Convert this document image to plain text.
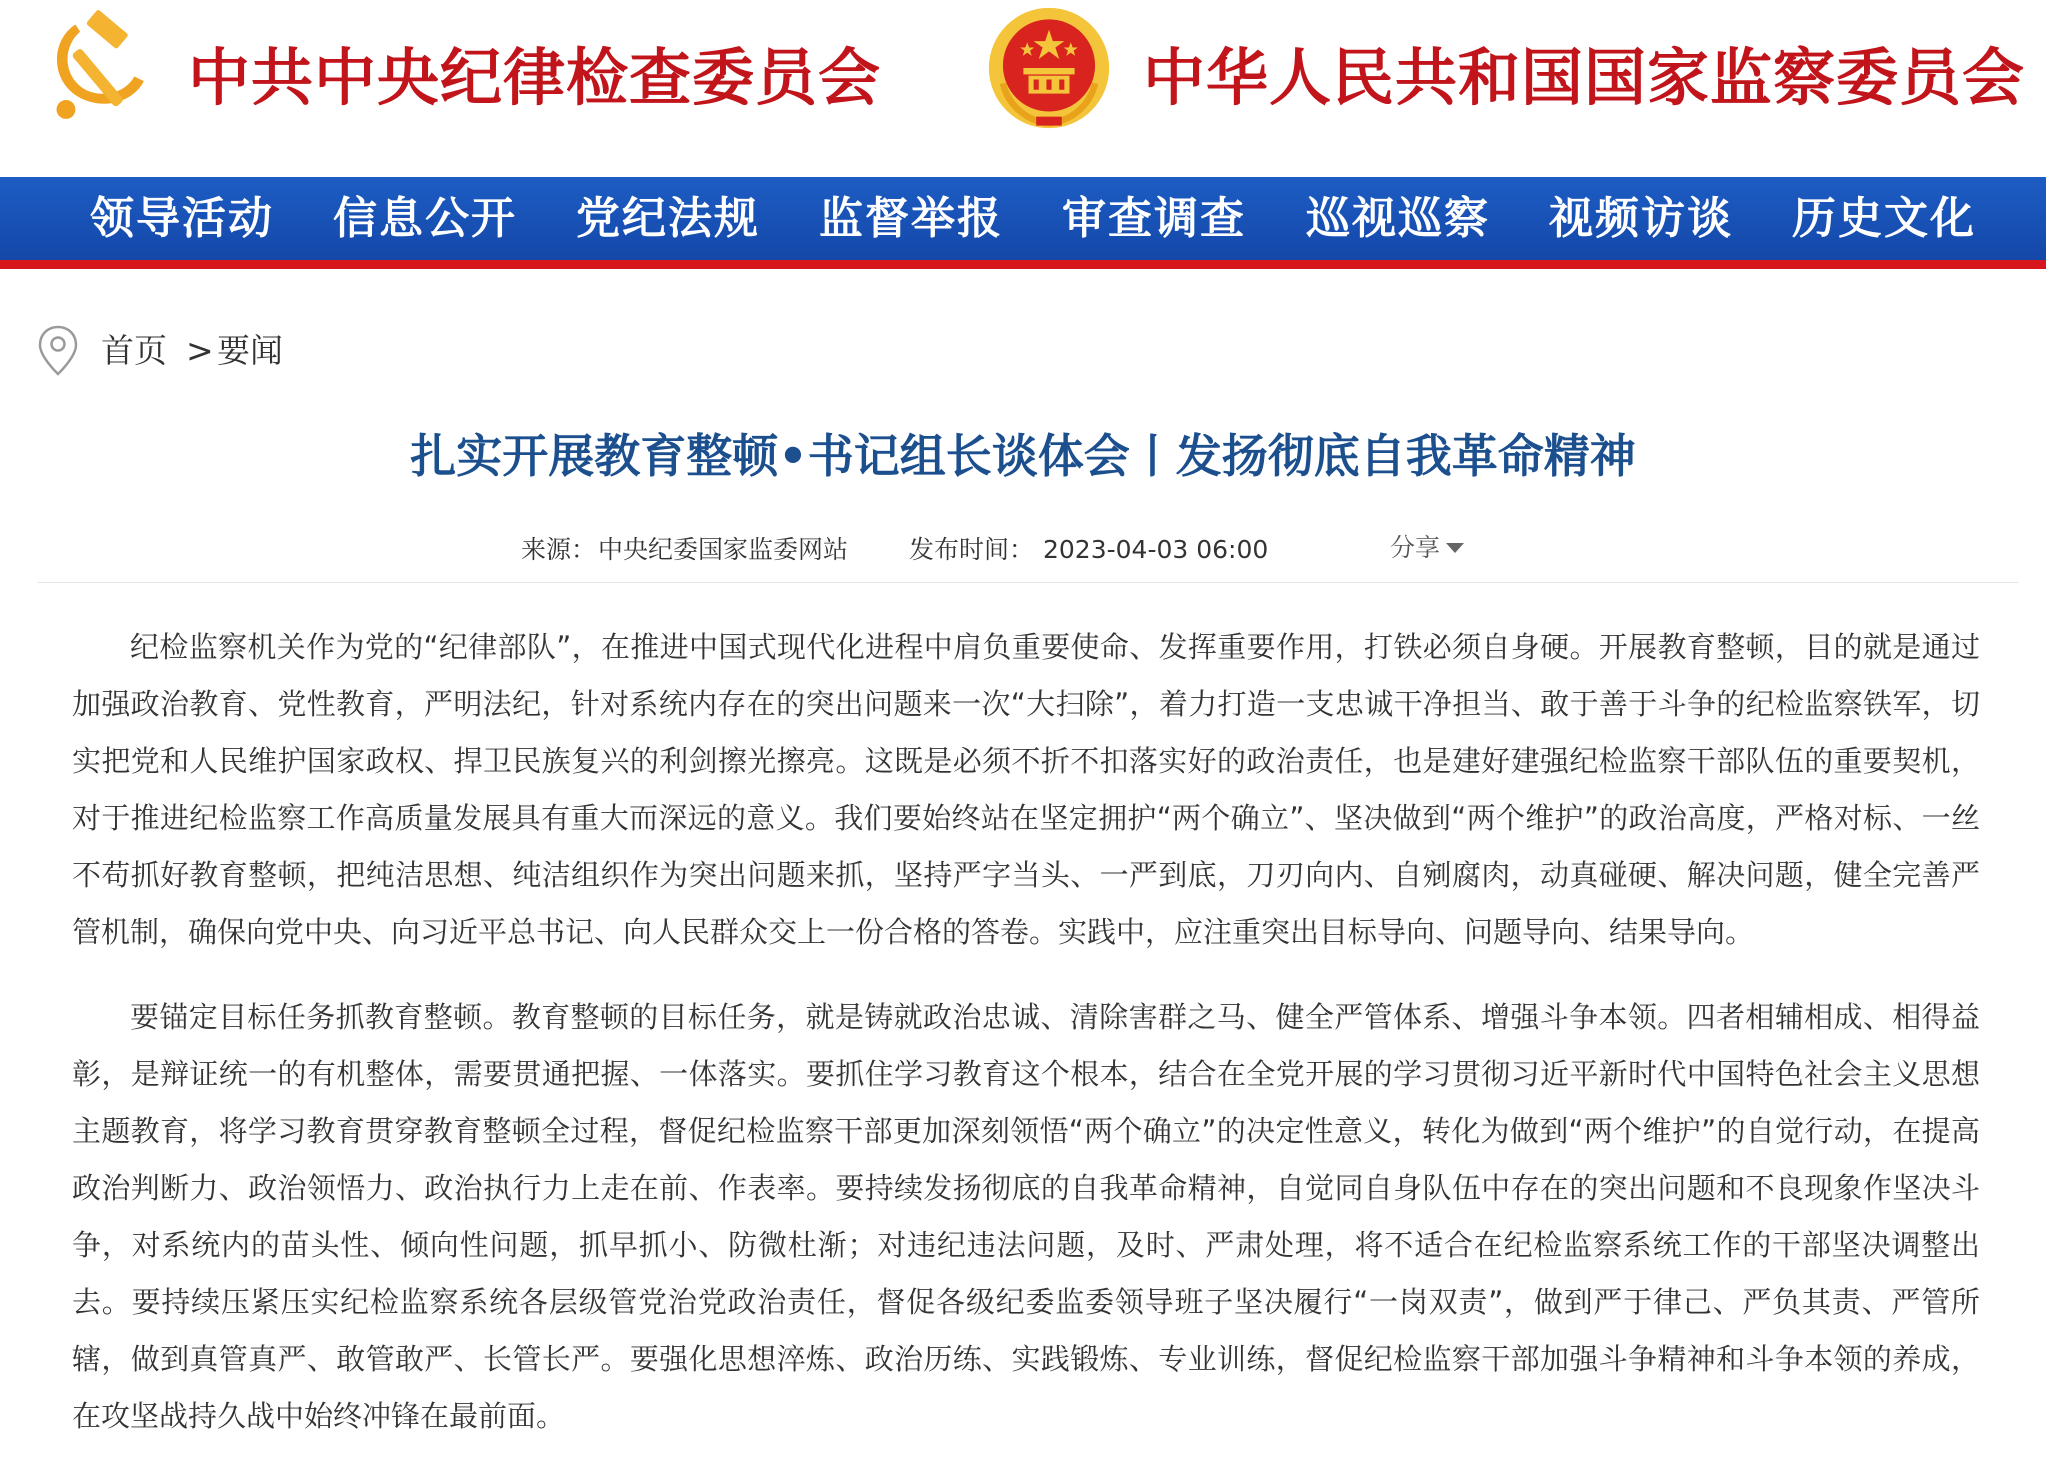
中共中央纪律检查委员会	中华人民共和国国家监察委员会
领导活动 信息公开 党纪法规 监督举报 审查调查 巡视巡察 视频访谈 历史文化
首页 > 要闻
扎实开展教育整顿•书记组长谈体会丨发扬彻底自我革命精神
来源： 中央纪委国家监委网站 发布时间： 2023-04-03 06:00	分享

纪检监察机关作为党的“纪律部队”，在推进中国式现代化进程中肩负重要使命、发挥重要作用，打铁必须自身硬。开展教育整顿，目的就是通过加强政治教育、党性教育，严明法纪，针对系统内存在的突出问题来一次“大扫除”，着力打造一支忠诚干净担当、敢于善于斗争的纪检监察铁军，切实把党和人民维护国家政权、捍卫民族复兴的利剑擦光擦亮。这既是必须不折不扣落实好的政治责任，也是建好建强纪检监察干部队伍的重要契机，对于推进纪检监察工作高质量发展具有重大而深远的意义。我们要始终站在坚定拥护“两个确立”、坚决做到“两个维护”的政治高度，严格对标、一丝不苟抓好教育整顿，把纯洁思想、纯洁组织作为突出问题来抓，坚持严字当头、一严到底，刀刃向内、自剜腐肉，动真碰硬、解决问题，健全完善严管机制，确保向党中央、向习近平总书记、向人民群众交上一份合格的答卷。实践中，应注重突出目标导向、问题导向、结果导向。

要锚定目标任务抓教育整顿。教育整顿的目标任务，就是铸就政治忠诚、清除害群之马、健全严管体系、增强斗争本领。四者相辅相成、相得益彰，是辩证统一的有机整体，需要贯通把握、一体落实。要抓住学习教育这个根本，结合在全党开展的学习贯彻习近平新时代中国特色社会主义思想主题教育，将学习教育贯穿教育整顿全过程，督促纪检监察干部更加深刻领悟“两个确立”的决定性意义，转化为做到“两个维护”的自觉行动，在提高政治判断力、政治领悟力、政治执行力上走在前、作表率。要持续发扬彻底的自我革命精神，自觉同自身队伍中存在的突出问题和不良现象作坚决斗争，对系统内的苗头性、倾向性问题，抓早抓小、防微杜渐；对违纪违法问题，及时、严肃处理，将不适合在纪检监察系统工作的干部坚决调整出去。要持续压紧压实纪检监察系统各层级管党治党政治责任，督促各级纪委监委领导班子坚决履行“一岗双责”，做到严于律己、严负其责、严管所辖，做到真管真严、敢管敢严、长管长严。要强化思想淬炼、政治历练、实践锻炼、专业训练，督促纪检监察干部加强斗争精神和斗争本领的养成，在攻坚战持久战中始终冲锋在最前面。
